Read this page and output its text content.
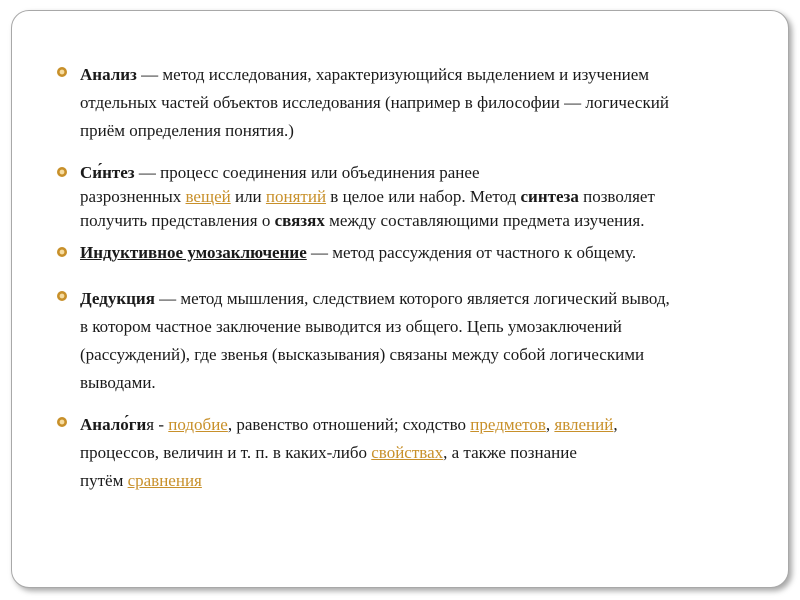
Анализ — метод исследования, характеризующийся выделением и изучением
отдельных частей объектов исследования (например в философии — логический
приём определения понятия.)

Си́нтез — процесс соединения или объединения ранее
разрозненных вещей или понятий в целое или набор. Метод синтеза позволяет
получить представления о связях между составляющими предмета изучения.

Индуктивное умозаключение — метод рассуждения от частного к общему.

Дедукция — метод мышления, следствием которого является логический вывод,
в котором частное заключение выводится из общего. Цепь умозаключений
(рассуждений), где звенья (высказывания) связаны между собой логическими
выводами.

Анало́гия - подобие, равенство отношений; сходство предметов, явлений,
процессов, величин и т. п. в каких-либо свойствах, а также познание
путём сравнения
